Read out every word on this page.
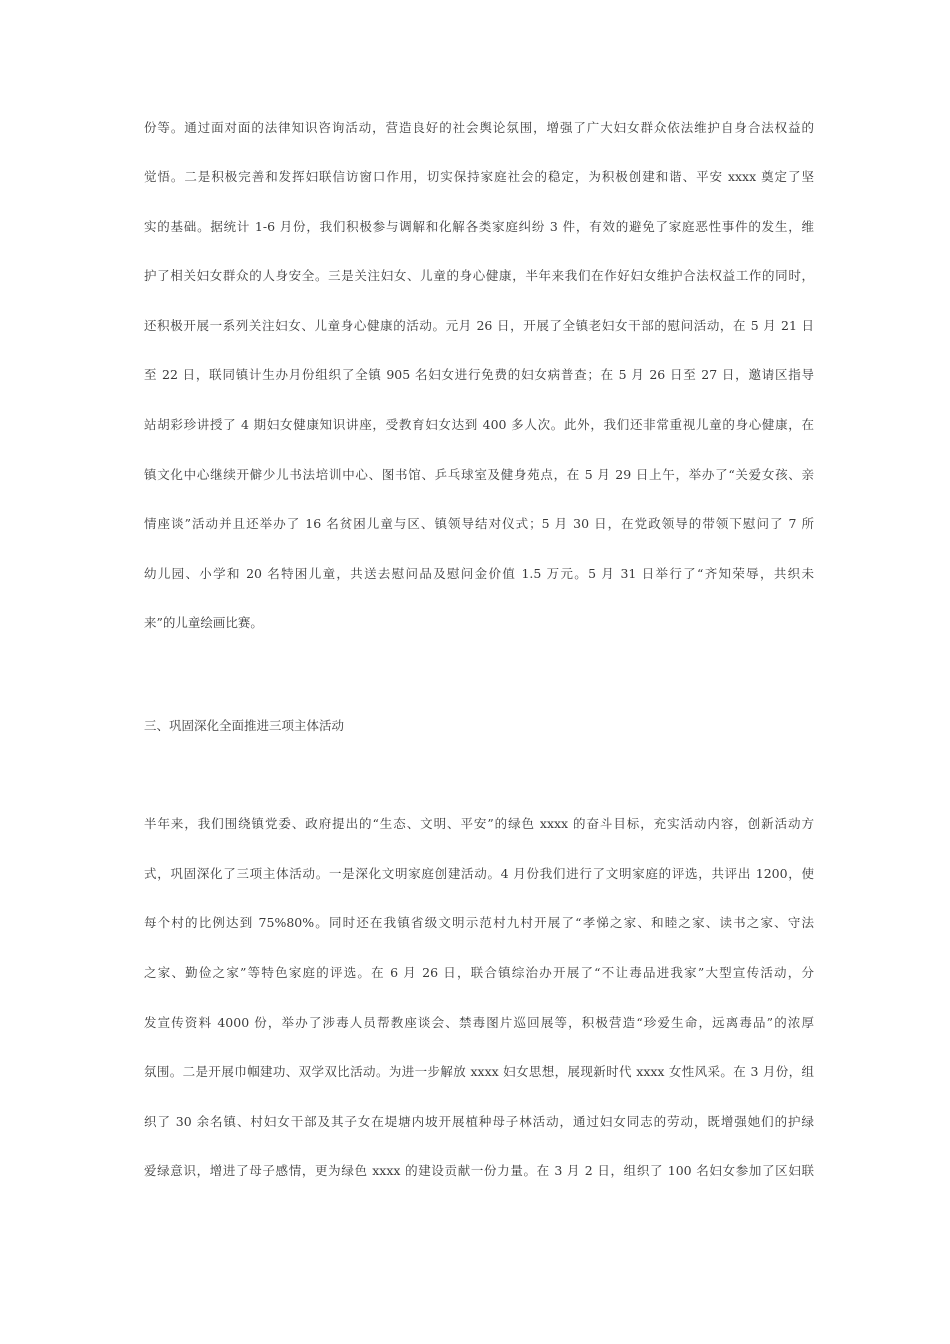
份等。通过面对面的法律知识咨询活动，营造良好的社会舆论氛围，增强了广大妇女群众依法维护自身合法权益的
觉悟。二是积极完善和发挥妇联信访窗口作用，切实保持家庭社会的稳定，为积极创建和谐、平安 xxxx 奠定了坚
实的基础。据统计 1-6 月份，我们积极参与调解和化解各类家庭纠纷 3 件，有效的避免了家庭恶性事件的发生，维
护了相关妇女群众的人身安全。三是关注妇女、儿童的身心健康，半年来我们在作好妇女维护合法权益工作的同时，
还积极开展一系列关注妇女、儿童身心健康的活动。元月 26 日，开展了全镇老妇女干部的慰问活动，在 5 月 21 日
至 22 日，联同镇计生办月份组织了全镇 905 名妇女进行免费的妇女病普查；在 5 月 26 日至 27 日，邀请区指导
站胡彩珍讲授了 4 期妇女健康知识讲座，受教育妇女达到 400 多人次。此外，我们还非常重视儿童的身心健康，在
镇文化中心继续开僻少儿书法培训中心、图书馆、乒乓球室及健身苑点，在 5 月 29 日上午，举办了“关爱女孩、亲
情座谈”活动并且还举办了 16 名贫困儿童与区、镇领导结对仪式；5 月 30 日，在党政领导的带领下慰问了 7 所
幼儿园、小学和 20 名特困儿童，共送去慰问品及慰问金价值 1.5 万元。5 月 31 日举行了“齐知荣辱，共织未
来”的儿童绘画比赛。
三、巩固深化全面推进三项主体活动
半年来，我们围绕镇党委、政府提出的“生态、文明、平安”的绿色 xxxx 的奋斗目标，充实活动内容，创新活动方
式，巩固深化了三项主体活动。一是深化文明家庭创建活动。4 月份我们进行了文明家庭的评选，共评出 1200，使
每个村的比例达到 75%80%。同时还在我镇省级文明示范村九村开展了“孝悌之家、和睦之家、读书之家、守法
之家、勤俭之家”等特色家庭的评选。在 6 月 26 日，联合镇综治办开展了“不让毒品进我家”大型宣传活动，分
发宣传资料 4000 份，举办了涉毒人员帮教座谈会、禁毒图片巡回展等，积极营造“珍爱生命，远离毒品”的浓厚
氛围。二是开展巾帼建功、双学双比活动。为进一步解放 xxxx 妇女思想，展现新时代 xxxx 女性风采。在 3 月份，组
织了 30 余名镇、村妇女干部及其子女在堤塘内坡开展植种母子林活动，通过妇女同志的劳动，既增强她们的护绿
爱绿意识，增进了母子感情，更为绿色 xxxx 的建设贡献一份力量。在 3 月 2 日，组织了 100 名妇女参加了区妇联
